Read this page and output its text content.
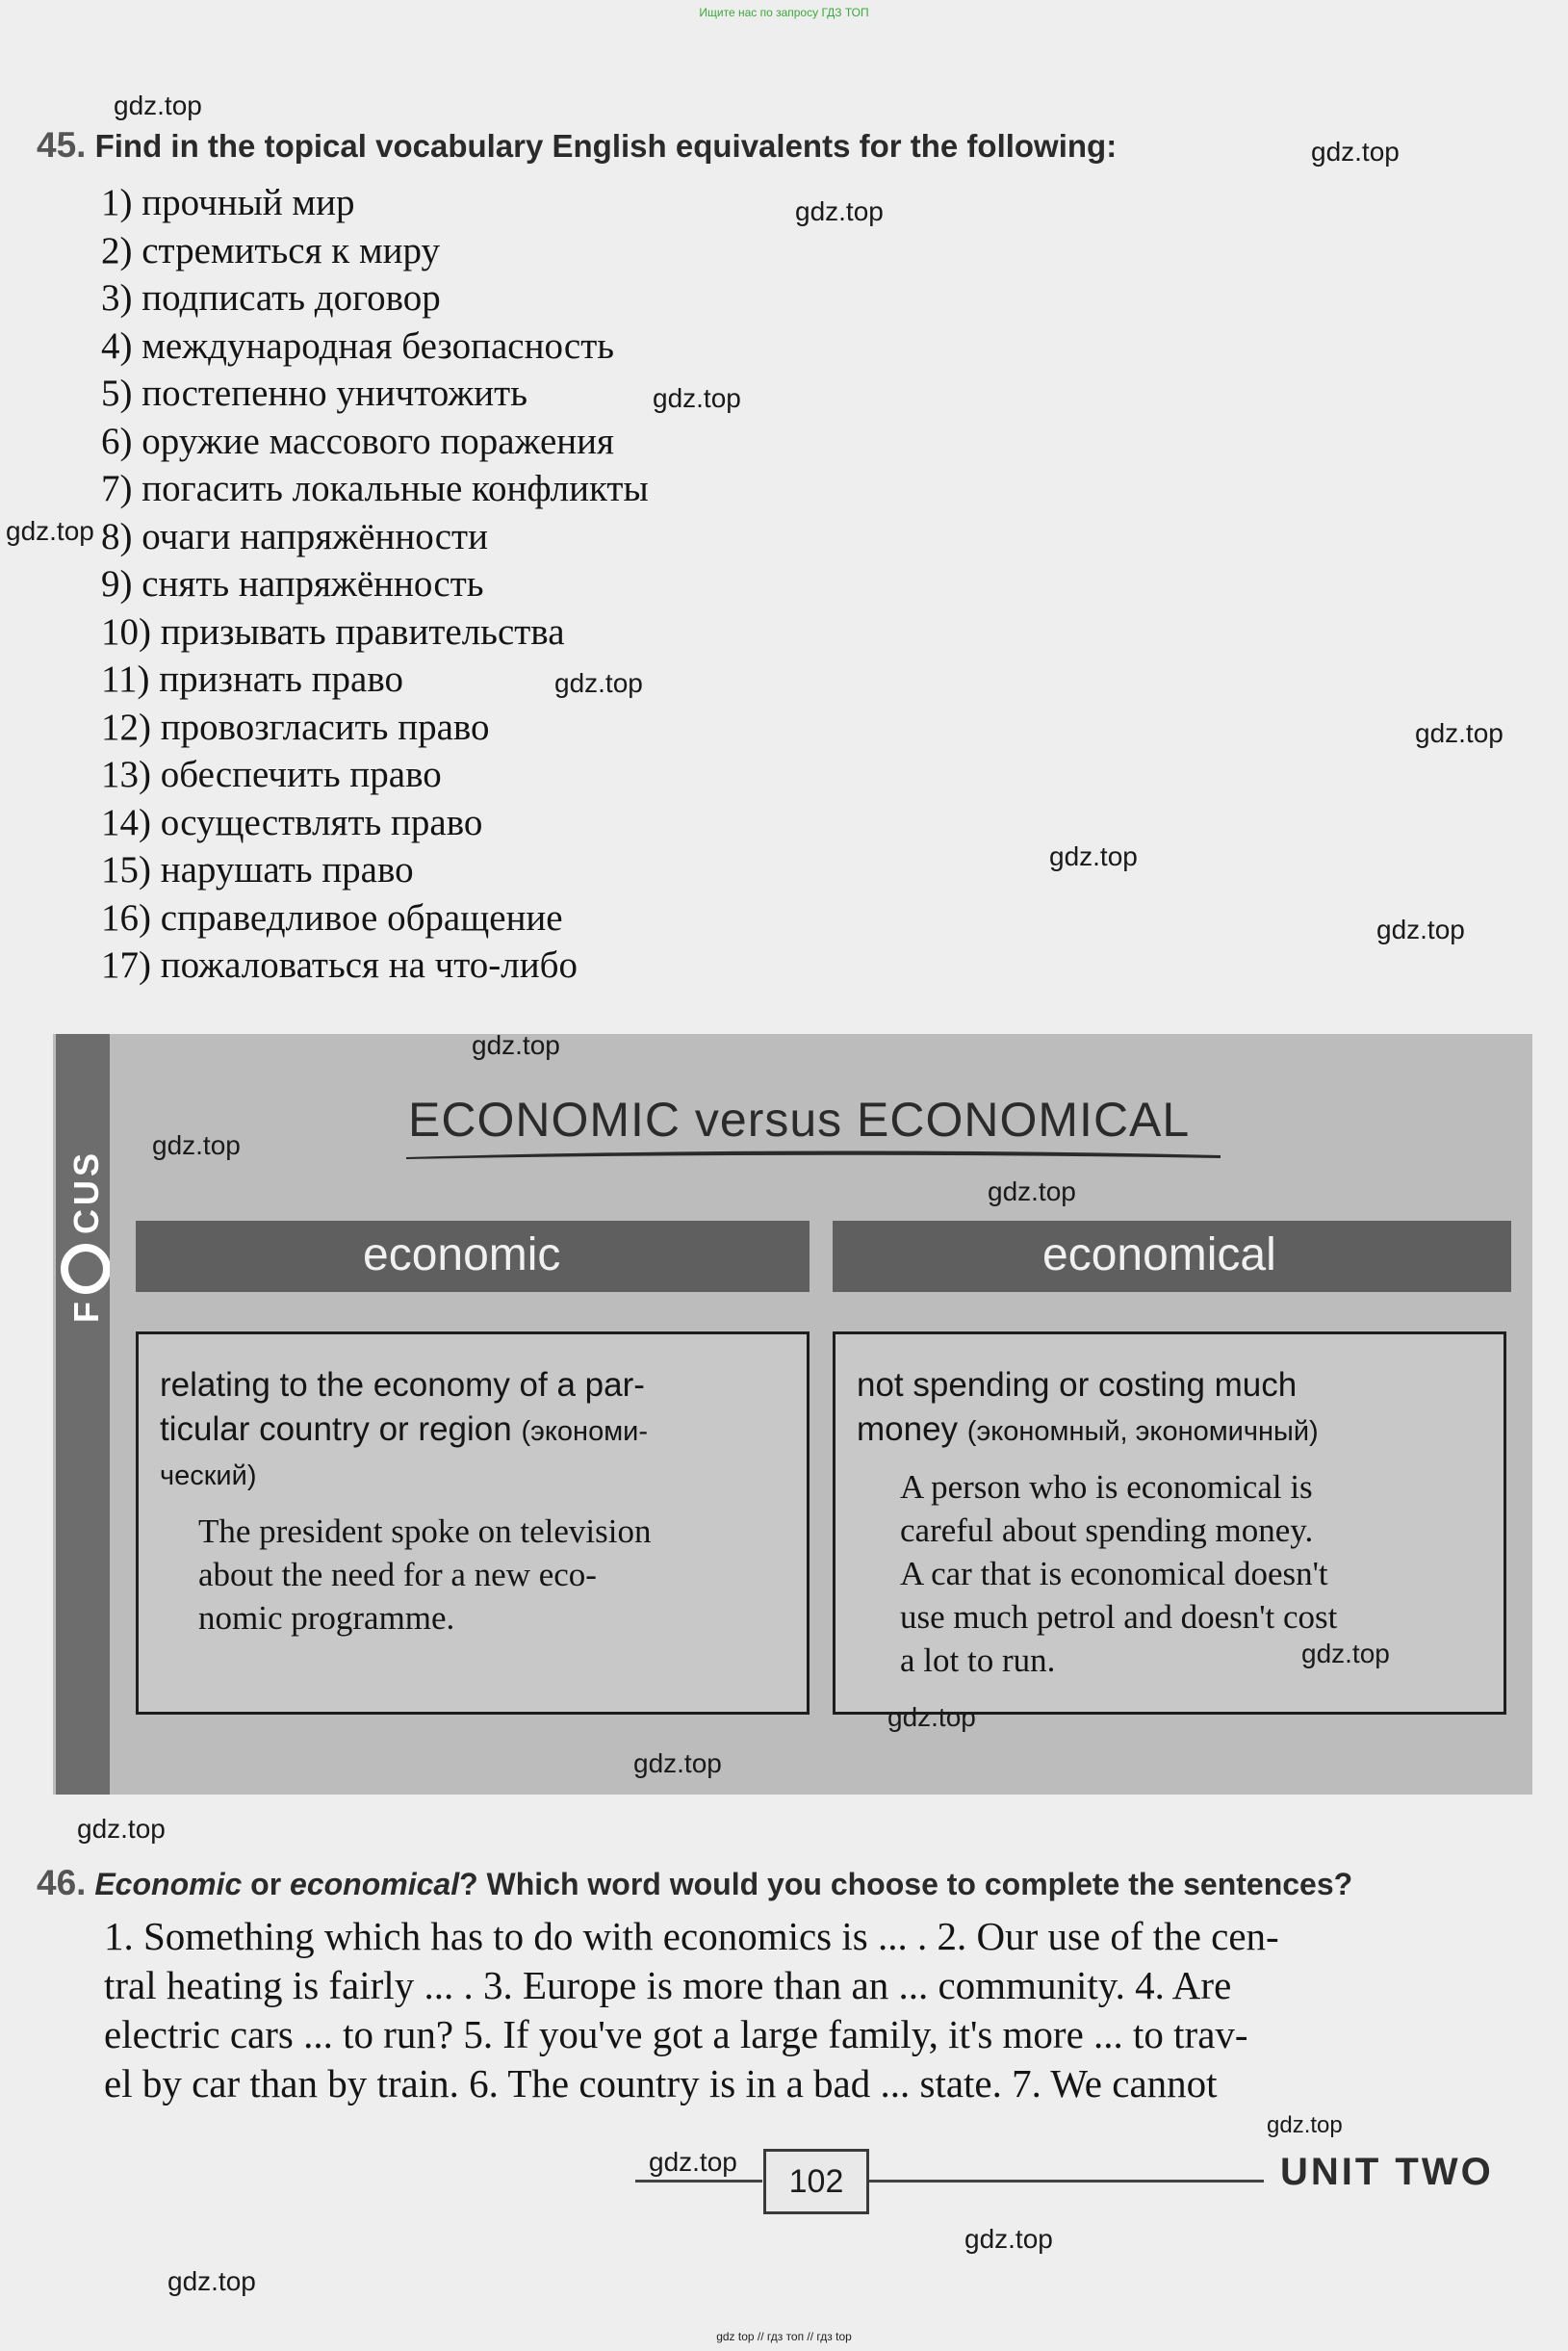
Ищите нас по запросу ГДЗ ТОП
gdz top // гдз топ // гдз top
45. Find in the topical vocabulary English equivalents for the following:
1) прочный мир
2) стремиться к миру
3) подписать договор
4) международная безопасность
5) постепенно уничтожить
6) оружие массового поражения
7) погасить локальные конфликты
8) очаги напряжённости
9) снять напряжённость
10) призывать правительства
11) признать право
12) провозгласить право
13) обеспечить право
14) осуществлять право
15) нарушать право
16) справедливое обращение
17) пожаловаться на что-либо
F
CUS
ECONOMIC versus ECONOMICAL
economic	economical
relating to the economy of a par-
ticular country or region (экономи-
ческий)
The president spoke on television
about the need for a new eco-
nomic programme.
not spending or costing much
money (экономный, экономичный)
A person who is economical is
careful about spending money.
A car that is economical doesn't
use much petrol and doesn't cost
a lot to run.
46. Economic or economical? Which word would you choose to complete the sentences?
1. Something which has to do with economics is ... . 2. Our use of the cen-
tral heating is fairly ... . 3. Europe is more than an ... community. 4. Are
electric cars ... to run? 5. If you've got a large family, it's more ... to trav-
el by car than by train. 6. The country is in a bad ... state. 7. We cannot
102	UNIT TWO
gdz.top
gdz.top
gdz.top
gdz.top
gdz.top
gdz.top
gdz.top
gdz.top
gdz.top
gdz.top
gdz.top
gdz.top
gdz.top
gdz.top
gdz.top
gdz.top
gdz.top
gdz.top
gdz.top
gdz.top
